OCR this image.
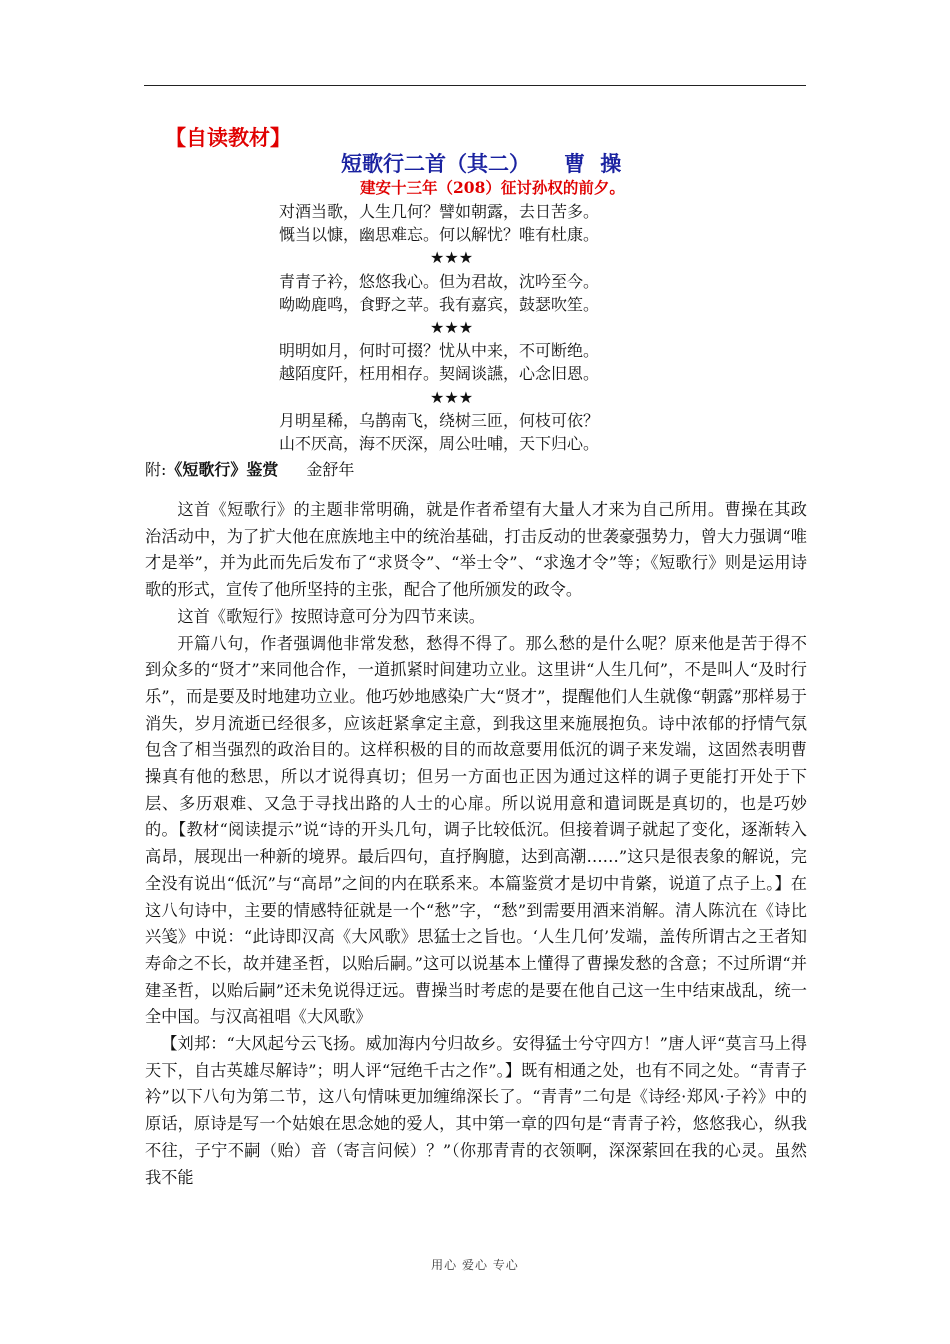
【自读教材】
短歌行二首（其二） 曹 操
建安十三年（208）征讨孙权的前夕。
对酒当歌，人生几何？譬如朝露，去日苦多。
慨当以慷，幽思难忘。何以解忧？唯有杜康。
★★★
青青子衿，悠悠我心。但为君故，沈吟至今。
呦呦鹿鸣，食野之苹。我有嘉宾，鼓瑟吹笙。
★★★
明明如月，何时可掇？忧从中来，不可断绝。
越陌度阡，枉用相存。契阔谈讌，心念旧恩。
★★★
月明星稀，乌鹊南飞，绕树三匝，何枝可依？
山不厌高，海不厌深，周公吐哺，天下归心。
附:《短歌行》鉴赏 金舒年

这首《短歌行》的主题非常明确，就是作者希望有大量人才来为自己所用。曹操在其政治活动中，为了扩大他在庶族地主中的统治基础，打击反动的世袭豪强势力，曾大力强调“唯才是举”，并为此而先后发布了“求贤令”、“举士令”、“求逸才令”等；《短歌行》则是运用诗歌的形式，宣传了他所坚持的主张，配合了他所颁发的政令。

这首《歌短行》按照诗意可分为四节来读。

开篇八句，作者强调他非常发愁，愁得不得了。那么愁的是什么呢？原来他是苦于得不到众多的“贤才”来同他合作，一道抓紧时间建功立业。这里讲“人生几何”，不是叫人“及时行乐”，而是要及时地建功立业。他巧妙地感染广大“贤才”，提醒他们人生就像“朝露”那样易于消失，岁月流逝已经很多，应该赶紧拿定主意，到我这里来施展抱负。诗中浓郁的抒情气氛包含了相当强烈的政治目的。这样积极的目的而故意要用低沉的调子来发端，这固然表明曹操真有他的愁思，所以才说得真切；但另一方面也正因为通过这样的调子更能打开处于下层、多历艰难、又急于寻找出路的人士的心扉。所以说用意和遣词既是真切的，也是巧妙的。【教材“阅读提示”说“诗的开头几句，调子比较低沉。但接着调子就起了变化，逐渐转入高昂，展现出一种新的境界。最后四句，直抒胸臆，达到高潮……”这只是很表象的解说，完全没有说出“低沉”与“高昂”之间的内在联系来。本篇鉴赏才是切中肯綮，说道了点子上。】在这八句诗中，主要的情感特征就是一个“愁”字，“愁”到需要用酒来消解。清人陈沆在《诗比兴笺》中说：“此诗即汉高《大风歌》思猛士之旨也。‘人生几何’发端，盖传所谓古之王者知寿命之不长，故并建圣哲，以贻后嗣。”这可以说基本上懂得了曹操发愁的含意；不过所谓“并建圣哲，以贻后嗣”还未免说得迂远。曹操当时考虑的是要在他自己这一生中结束战乱，统一全中国。与汉高祖唱《大风歌》

【刘邦：“大风起兮云飞扬。威加海内兮归故乡。安得猛士兮守四方！”唐人评“莫言马上得天下，自古英雄尽解诗”；明人评“冠绝千古之作”。】既有相通之处，也有不同之处。“青青子衿”以下八句为第二节，这八句情味更加缠绵深长了。“青青”二句是《诗经·郑风·子衿》中的原话，原诗是写一个姑娘在思念她的爱人，其中第一章的四句是“青青子衿，悠悠我心，纵我不往，子宁不嗣（贻）音（寄言问候）？”（你那青青的衣领啊，深深萦回在我的心灵。虽然我不能

用心 爱心 专心
